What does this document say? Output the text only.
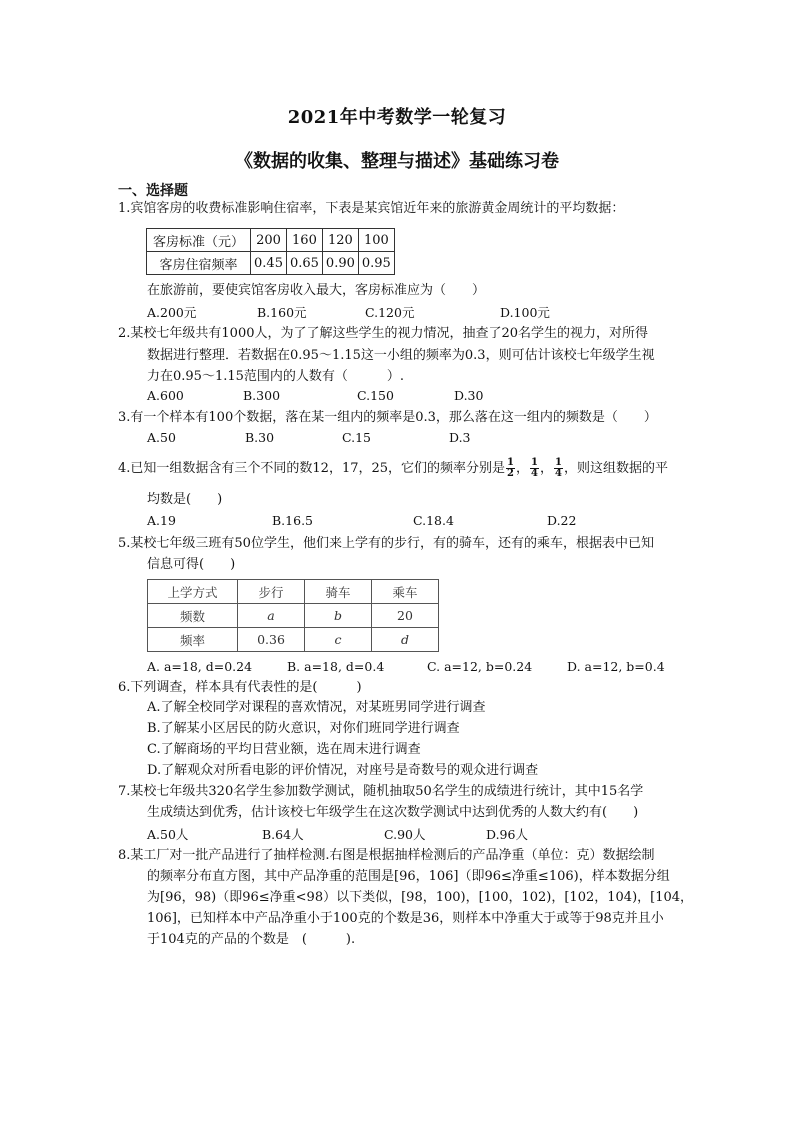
2021年中考数学一轮复习
《数据的收集、整理与描述》基础练习卷
一、选择题
1.宾馆客房的收费标准影响住宿率，下表是某宾馆近年来的旅游黄金周统计的平均数据：
客房标准（元）	200	160	120	100
客房住宿频率	0.45	0.65	0.90	0.95
在旅游前，要使宾馆客房收入最大，客房标准应为（　　）
A.200元	B.160元	C.120元	D.100元
2.某校七年级共有1000人，为了了解这些学生的视力情况，抽查了20名学生的视力，对所得
数据进行整理．若数据在0.95～1.15这一小组的频率为0.3，则可估计该校七年级学生视
力在0.95～1.15范围内的人数有（　　　）.
A.600	B.300	C.150	D.30
3.有一个样本有100个数据，落在某一组内的频率是0.3，那么落在这一组内的频数是（　　）
A.50	B.30	C.15	D.3
4.已知一组数据含有三个不同的数12，17，25，它们的频率分别是 $\frac{1}{2}$ ， $\frac{1}{4}$ ， $\frac{1}{4}$ ，则这组数据的平
均数是(　　)
A.19	B.16.5	C.18.4	D.22
5.某校七年级三班有50位学生，他们来上学有的步行，有的骑车，还有的乘车，根据表中已知
信息可得(　　)
上学方式	步行	骑车	乘车
频数	a	b	20
频率	0.36	c	d
A. a=18, d=0.24	B. a=18, d=0.4	C. a=12, b=0.24	D. a=12, b=0.4
6.下列调查，样本具有代表性的是(　　　)
A.了解全校同学对课程的喜欢情况，对某班男同学进行调查
B.了解某小区居民的防火意识，对你们班同学进行调查
C.了解商场的平均日营业额，选在周末进行调查
D.了解观众对所看电影的评价情况，对座号是奇数号的观众进行调查
7.某校七年级共320名学生参加数学测试，随机抽取50名学生的成绩进行统计，其中15名学
生成绩达到优秀，估计该校七年级学生在这次数学测试中达到优秀的人数大约有(　　)
A.50人	B.64人	C.90人	D.96人
8.某工厂对一批产品进行了抽样检测.右图是根据抽样检测后的产品净重（单位：克）数据绘制
的频率分布直方图，其中产品净重的范围是[96，106]（即96≤净重≤106)，样本数据分组
为[96，98)（即96≤净重<98）以下类似，[98，100)，[100，102)，[102，104)，[104，
106]，已知样本中产品净重小于100克的个数是36，则样本中净重大于或等于98克并且小
于104克的产品的个数是　(　　　).
